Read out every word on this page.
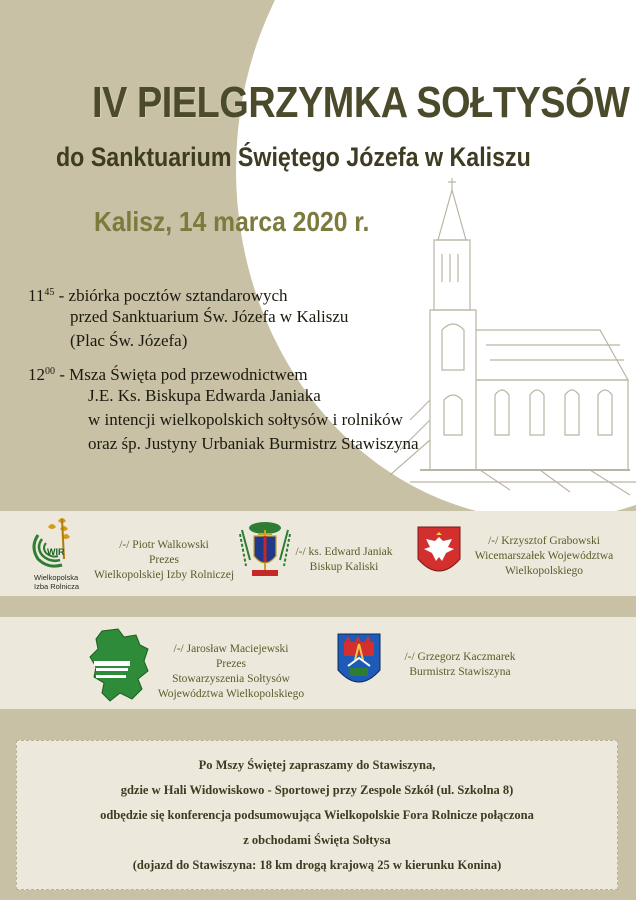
IV PIELGRZYMKA SOŁTYSÓW
do Sanktuarium Świętego Józefa w Kaliszu
Kalisz, 14 marca 2020 r.
$11^{45}$ - zbiórka pocztów sztandarowych
przed Sanktuarium Św. Józefa w Kaliszu
(Plac Św. Józefa)
$12^{00}$ - Msza Święta pod przewodnictwem
J.E. Ks. Biskupa Edwarda Janiaka
w intencji wielkopolskich sołtysów i rolników
oraz śp. Justyny Urbaniak Burmistrz Stawiszyna
WIR
Wielkopolska
Izba Rolnicza
/-/ Piotr Walkowski
Prezes
Wielkopolskiej Izby Rolniczej
/-/ ks. Edward Janiak
Biskup Kaliski
/-/ Krzysztof Grabowski
Wicemarszałek Województwa
Wielkopolskiego
/-/ Jarosław Maciejewski
Prezes
Stowarzyszenia Sołtysów
Województwa Wielkopolskiego
/-/ Grzegorz Kaczmarek
Burmistrz Stawiszyna

Po Mszy Świętej zapraszamy do Stawiszyna,

gdzie w Hali Widowiskowo - Sportowej przy Zespole Szkół (ul. Szkolna 8)

odbędzie się konferencja podsumowująca Wielkopolskie Fora Rolnicze połączona

z obchodami Święta Sołtysa

(dojazd do Stawiszyna: 18 km drogą krajową 25 w kierunku Konina)
